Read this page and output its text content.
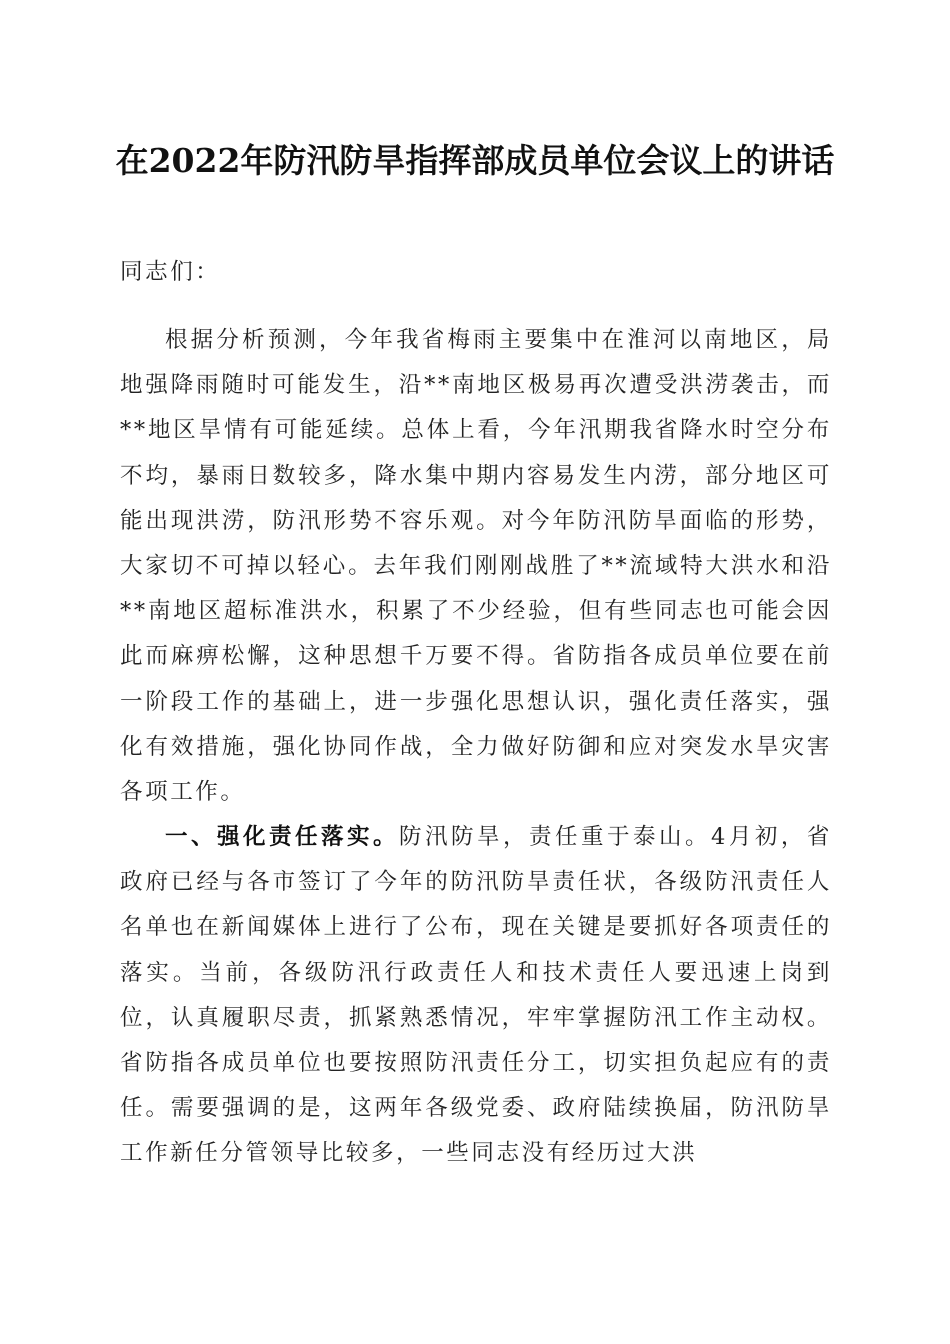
在2022年防汛防旱指挥部成员单位会议上的讲话

同志们：

根据分析预测，今年我省梅雨主要集中在淮河以南地区，局地强降雨随时可能发生，沿**南地区极易再次遭受洪涝袭击，而**地区旱情有可能延续。总体上看，今年汛期我省降水时空分布不均，暴雨日数较多，降水集中期内容易发生内涝，部分地区可能出现洪涝，防汛形势不容乐观。对今年防汛防旱面临的形势，大家切不可掉以轻心。去年我们刚刚战胜了**流域特大洪水和沿**南地区超标准洪水，积累了不少经验，但有些同志也可能会因此而麻痹松懈，这种思想千万要不得。省防指各成员单位要在前一阶段工作的基础上，进一步强化思想认识，强化责任落实，强化有效措施，强化协同作战，全力做好防御和应对突发水旱灾害各项工作。

一、强化责任落实。防汛防旱，责任重于泰山。4月初，省政府已经与各市签订了今年的防汛防旱责任状，各级防汛责任人名单也在新闻媒体上进行了公布，现在关键是要抓好各项责任的落实。当前，各级防汛行政责任人和技术责任人要迅速上岗到位，认真履职尽责，抓紧熟悉情况，牢牢掌握防汛工作主动权。省防指各成员单位也要按照防汛责任分工，切实担负起应有的责任。需要强调的是，这两年各级党委、政府陆续换届，防汛防旱工作新任分管领导比较多，一些同志没有经历过大洪
